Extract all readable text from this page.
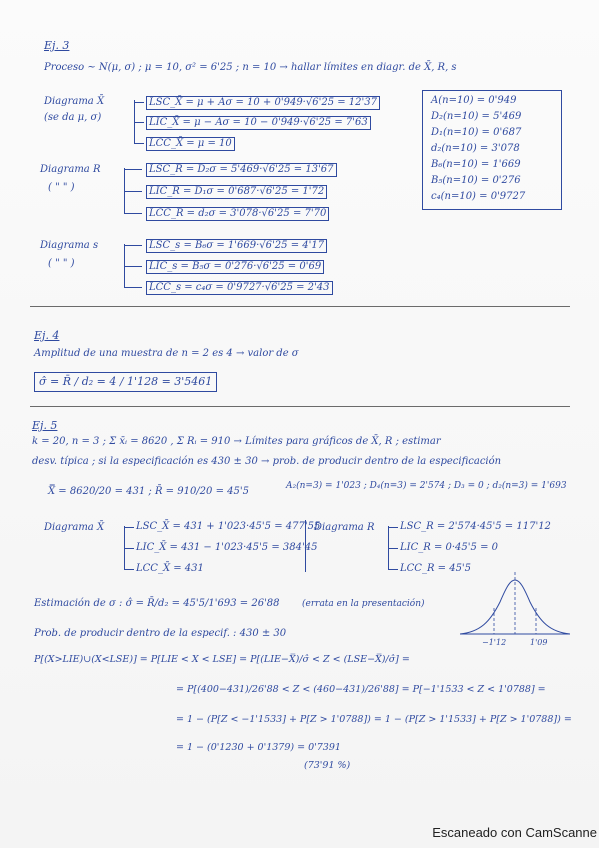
Ej. 3
Proceso ~ N(μ, σ) ; μ = 10, σ² = 6'25 ; n = 10 → hallar límites en diagr. de X̄, R, s
Diagrama X̄
(se da μ, σ)
LSC_X̄ = μ + Aσ = 10 + 0'949·√6'25 = 12'37
LIC_X̄ = μ − Aσ = 10 − 0'949·√6'25 = 7'63
LCC_X̄ = μ = 10
A(n=10) = 0'949
D₂(n=10) = 5'469
D₁(n=10) = 0'687
d₂(n=10) = 3'078
B₆(n=10) = 1'669
B₅(n=10) = 0'276
c₄(n=10) = 0'9727
Diagrama R
( " " )
LSC_R = D₂σ = 5'469·√6'25 = 13'67
LIC_R = D₁σ = 0'687·√6'25 = 1'72
LCC_R = d₂σ = 3'078·√6'25 = 7'70
Diagrama s
( " " )
LSC_s = B₆σ = 1'669·√6'25 = 4'17
LIC_s = B₅σ = 0'276·√6'25 = 0'69
LCC_s = c₄σ = 0'9727·√6'25 = 2'43
Ej. 4
Amplitud de una muestra de n = 2 es 4 → valor de σ
σ̂ = R̄ / d₂ = 4 / 1'128 = 3'5461
Ej. 5
k = 20, n = 3 ; Σ x̄ᵢ = 8620 , Σ Rᵢ = 910 → Límites para gráficos de X̄, R ; estimar
desv. típica ; si la especificación es 430 ± 30 → prob. de producir dentro de la especificación
X̿ = 8620/20 = 431 ; R̄ = 910/20 = 45'5	A₂(n=3) = 1'023 ; D₄(n=3) = 2'574 ; D₃ = 0 ; d₂(n=3) = 1'693
Diagrama X̄	LSC_X̄ = 431 + 1'023·45'5 = 477'55
LIC_X̄ = 431 − 1'023·45'5 = 384'45
LCC_X̄ = 431
Diagrama R	LSC_R = 2'574·45'5 = 117'12
LIC_R = 0·45'5 = 0
LCC_R = 45'5
Estimación de σ : σ̂ = R̄/d₂ = 45'5/1'693 = 26'88 (errata en la presentación)
−1'12	1'09
Prob. de producir dentro de la especif. : 430 ± 30
P[(X>LIE)∪(X<LSE)] = P[LIE < X < LSE] = P[(LIE−X̿)/σ̂ < Z < (LSE−X̿)/σ̂] =
= P[(400−431)/26'88 < Z < (460−431)/26'88] = P[−1'1533 < Z < 1'0788] =
= 1 − (P[Z < −1'1533] + P[Z > 1'0788]) = 1 − (P[Z > 1'1533] + P[Z > 1'0788]) =
= 1 − (0'1230 + 0'1379) = 0'7391
(73'91 %)
Escaneado con CamScanne
